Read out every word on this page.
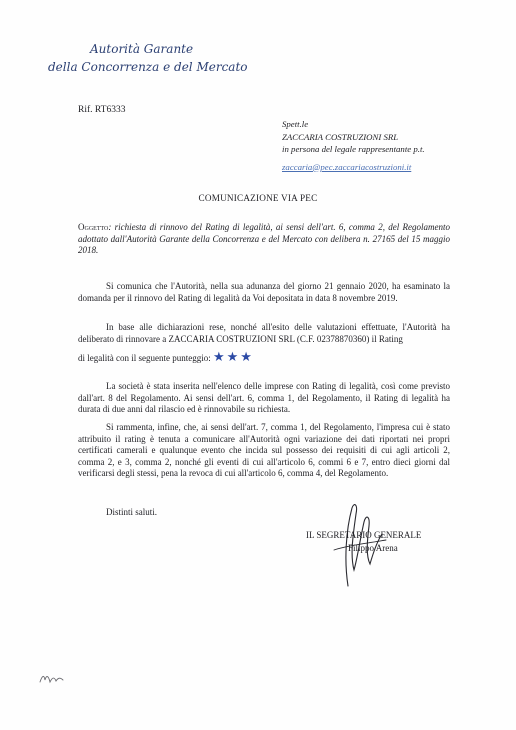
Autorità Garante
della Concorrenza e del Mercato
Rif. RT6333
Spett.le
ZACCARIA COSTRUZIONI SRL
in persona del legale rappresentante p.t.
zaccaria@pec.zaccariacostruzioni.it
COMUNICAZIONE VIA PEC
Oggetto: richiesta di rinnovo del Rating di legalità, ai sensi dell'art. 6, comma 2, del Regolamento adottato dall'Autorità Garante della Concorrenza e del Mercato con delibera n. 27165 del 15 maggio 2018.
Si comunica che l'Autorità, nella sua adunanza del giorno 21 gennaio 2020, ha esaminato la domanda per il rinnovo del Rating di legalità da Voi depositata in data 8 novembre 2019.
In base alle dichiarazioni rese, nonché all'esito delle valutazioni effettuate, l'Autorità ha deliberato di rinnovare a ZACCARIA COSTRUZIONI SRL (C.F. 02378870360) il Rating
di legalità con il seguente punteggio: ★★★
La società è stata inserita nell'elenco delle imprese con Rating di legalità, così come previsto dall'art. 8 del Regolamento. Ai sensi dell'art. 6, comma 1, del Regolamento, il Rating di legalità ha durata di due anni dal rilascio ed è rinnovabile su richiesta.
Si rammenta, infine, che, ai sensi dell'art. 7, comma 1, del Regolamento, l'impresa cui è stato attribuito il rating è tenuta a comunicare all'Autorità ogni variazione dei dati riportati nei propri certificati camerali e qualunque evento che incida sul possesso dei requisiti di cui agli articoli 2, comma 2, e 3, comma 2, nonché gli eventi di cui all'articolo 6, commi 6 e 7, entro dieci giorni dal verificarsi degli stessi, pena la revoca di cui all'articolo 6, comma 4, del Regolamento.
Distinti saluti.
IL SEGRETARIO GENERALE
Filippo Arena
